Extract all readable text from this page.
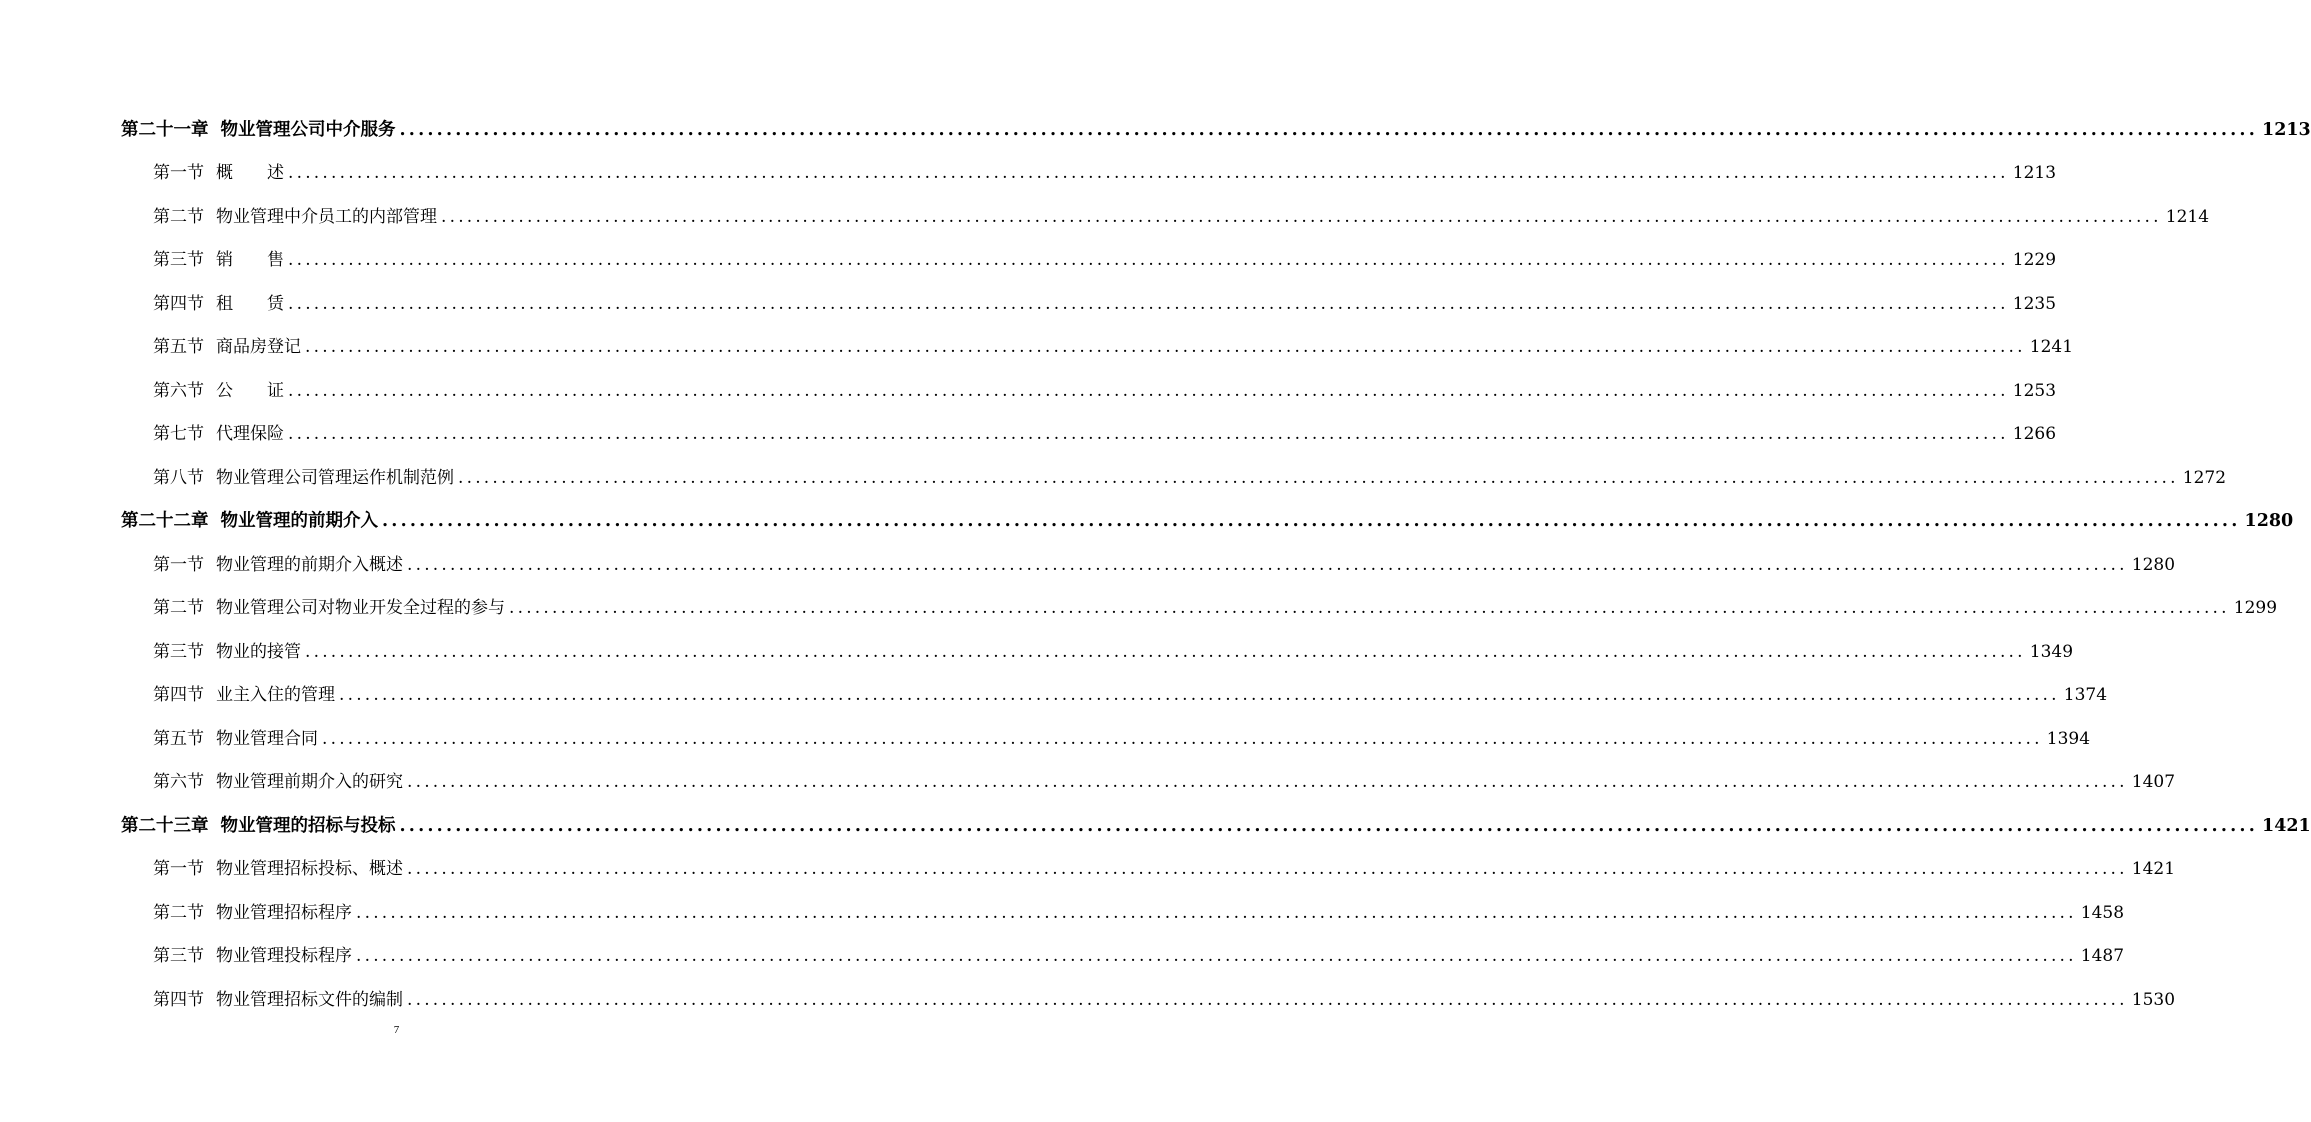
第二十一章 物业管理公司中介服务 ........................................................................................................................................................................................................ 1213
第一节 概　　述 ........................................................................................................................................................................................................ 1213
第二节 物业管理中介员工的内部管理 ........................................................................................................................................................................................................ 1214
第三节 销　　售 ........................................................................................................................................................................................................ 1229
第四节 租　　赁 ........................................................................................................................................................................................................ 1235
第五节 商品房登记 ........................................................................................................................................................................................................ 1241
第六节 公　　证 ........................................................................................................................................................................................................ 1253
第七节 代理保险 ........................................................................................................................................................................................................ 1266
第八节 物业管理公司管理运作机制范例 ........................................................................................................................................................................................................ 1272
第二十二章 物业管理的前期介入 ........................................................................................................................................................................................................ 1280
第一节 物业管理的前期介入概述 ........................................................................................................................................................................................................ 1280
第二节 物业管理公司对物业开发全过程的参与 ........................................................................................................................................................................................................ 1299
第三节 物业的接管 ........................................................................................................................................................................................................ 1349
第四节 业主入住的管理 ........................................................................................................................................................................................................ 1374
第五节 物业管理合同 ........................................................................................................................................................................................................ 1394
第六节 物业管理前期介入的研究 ........................................................................................................................................................................................................ 1407
第二十三章 物业管理的招标与投标 ........................................................................................................................................................................................................ 1421
第一节 物业管理招标投标、概述 ........................................................................................................................................................................................................ 1421
第二节 物业管理招标程序 ........................................................................................................................................................................................................ 1458
第三节 物业管理投标程序 ........................................................................................................................................................................................................ 1487
第四节 物业管理招标文件的编制 ........................................................................................................................................................................................................ 1530
7
